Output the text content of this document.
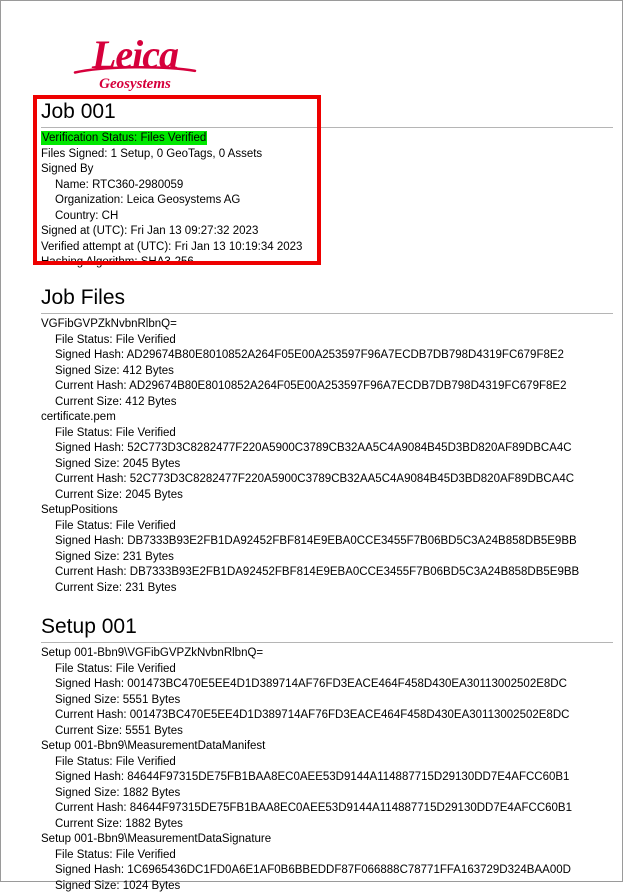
Leica
Geosystems
Job 001
Verification Status: Files Verified
Files Signed: 1 Setup, 0 GeoTags, 0 Assets
Signed By
Name: RTC360-2980059
Organization: Leica Geosystems AG
Country: CH
Signed at (UTC): Fri Jan 13 09:27:32 2023
Verified attempt at (UTC): Fri Jan 13 10:19:34 2023
Hashing Algorithm: SHA3-256
Job Files
VGFibGVPZkNvbnRlbnQ=
File Status: File Verified
Signed Hash: AD29674B80E8010852A264F05E00A253597F96A7ECDB7DB798D4319FC679F8E2
Signed Size: 412 Bytes
Current Hash: AD29674B80E8010852A264F05E00A253597F96A7ECDB7DB798D4319FC679F8E2
Current Size: 412 Bytes
certificate.pem
File Status: File Verified
Signed Hash: 52C773D3C8282477F220A5900C3789CB32AA5C4A9084B45D3BD820AF89DBCA4C
Signed Size: 2045 Bytes
Current Hash: 52C773D3C8282477F220A5900C3789CB32AA5C4A9084B45D3BD820AF89DBCA4C
Current Size: 2045 Bytes
SetupPositions
File Status: File Verified
Signed Hash: DB7333B93E2FB1DA92452FBF814E9EBA0CCE3455F7B06BD5C3A24B858DB5E9BB
Signed Size: 231 Bytes
Current Hash: DB7333B93E2FB1DA92452FBF814E9EBA0CCE3455F7B06BD5C3A24B858DB5E9BB
Current Size: 231 Bytes
Setup 001
Setup 001-Bbn9\VGFibGVPZkNvbnRlbnQ=
File Status: File Verified
Signed Hash: 001473BC470E5EE4D1D389714AF76FD3EACE464F458D430EA30113002502E8DC
Signed Size: 5551 Bytes
Current Hash: 001473BC470E5EE4D1D389714AF76FD3EACE464F458D430EA30113002502E8DC
Current Size: 5551 Bytes
Setup 001-Bbn9\MeasurementDataManifest
File Status: File Verified
Signed Hash: 84644F97315DE75FB1BAA8EC0AEE53D9144A114887715D29130DD7E4AFCC60B1
Signed Size: 1882 Bytes
Current Hash: 84644F97315DE75FB1BAA8EC0AEE53D9144A114887715D29130DD7E4AFCC60B1
Current Size: 1882 Bytes
Setup 001-Bbn9\MeasurementDataSignature
File Status: File Verified
Signed Hash: 1C6965436DC1FD0A6E1AF0B6BBEDDF87F066888C78771FFA163729D324BAA00D
Signed Size: 1024 Bytes
